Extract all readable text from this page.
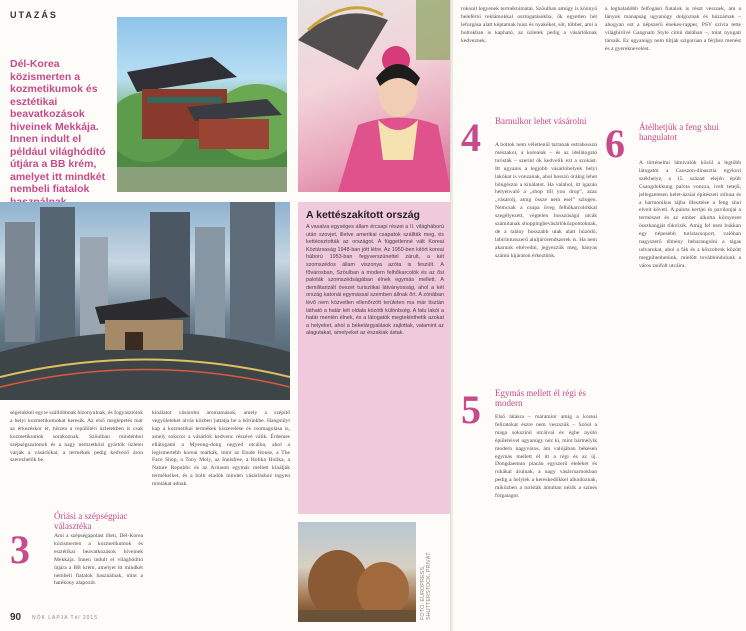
UTAZÁS
Dél-Korea közismerten a kozmetikumok és esztétikai beavatkozások hiveinek Mekkája. Innen indult el például világhódító útjára a BB krém, amelyet itt mindkét nembeli fiatalok
A kettészakított ország

A vasalva egységes állam ércsapi részei a II. világháború után szovjet, illetve amerikai csapatok szállták meg, és kettéosztották az országot. A függetlenné vált Koreai Köztársaság 1948-ban jött létre. Az 1950-ben kitört koreai háború 1953-ban fegyverszünettel zárult, a két szomszédos állam viszonya azóta is feszült. A fővárosban, Szöulban a modern felhőkarcolók és az ősi paloták szomszédságában élnek egymás mellett. A demilitarizált övezet turisztikai látványosság, ahol a két ország katonái egymással szemben állnak őrt. A zónában lévő nem közvetlen ellenőrzött területen ma már tisztán látható a határ két oldala közötti különbség. A falu lakói a határ mentén élnek, és a látogatók megtekinthetik azokat a helyeket, ahol a béketárgyalások zajlottak, valamint az alagutakat, amelyeket az északiak ástak.

FOTÓ: EUROPRESS, SHUTTERSTOCK, PRIVÁT

ségeinkkel egyre szállóbbnak bizonyulnak, és fogyasztóink a helyi kozmetikumokat keresik. Az első meglepetés már az érkezéskor ér, hiszen a repülőtéri üzletekben is csak kozmetikumok sorakoznak. Szöulban mindenhol szépségszalonok és a nagy nemzetközi gyártók üzletei várják a vásárlókat, a termékek pedig kedvező áron szerezhetők be.

3
Óriási a szépségpiac választéka

Ami a szépségápolást illeti, Dél-Korea közismerten a kozmetikumok és esztétikai beavatkozások hiveinek Mekkája. Innen indult el világhódító útjára a BB krém, amelyet itt mindkét nembeli fiatalok használnak, mint a hatékony alapozót.

kínálatot vásárolni aromamások, amely a szépítő vegyületeket alvás közben juttatja be a bőrünkbe. Hangsúlyt kap a kozmetikai termékek kiszerelése és csomagolása is, amely sokszor a vásárlók kedvenc részévé válik. Érdemes ellátogatni a Myeong-dong negyed utcáiba, ahol a legismertebb koreai márkák, mint az Etude House, a The Face Shop, a Tony Moly, az Innisfree, a Holika Holika, a Nature Republic és az Aritaum egymás mellett kínálják termékeiket, és a bolti eladók minden vásárláshoz ingyen mintákat adnak.

90 NŐK LAPJA Tél 2015

rokonít legyenek terméknimátai. Szöulban amúgy is könnyű beleférni reklámokkal osztogatásokba, ők egyetlen hét leforgása alatt képtamak húsz és nyakéket, sőt, többet, ami a boltokban is kapható, az üzletek pedig a vásárlóknak kedveznek.

4 Barnulkor lehet vásárolni

A boltok nem véletlenül tartanak estrahosszú mészakot, a koreaiak – és az idelátogató turisták – szerint ők kedvelik ezt a szokást. Itt ugyanis a legjobb vásárlóhelyek helyi lakókat is vonzanak, ahol hosszú órákig lehet böngészni a kínálatot. Ha valahol, itt igazán helyénvaló a „shop till you drop”, azaz „vásárolj, amíg össze nem esel” szlogen. Nemcsak a csupa üveg felhőkarcolókkal szegélyezett, végtelen hosszúságú utcák számítanak shoppingbevásárlóközpontoknak, de a talány hosszabb utak alatt húzódó, labirintusszerű aluljárórendszerek is. Ha nem akarunk eltévedni, jegyezzük meg, hányas számú kijáraton érkeztünk.

5 Egymás mellett él régi és modern

Első látásra – máramint amíg a koreai feliratokat észre nem veszszük – Szöul a maga sokszínű utcáival és égbe nyúló épületeivel ugyanúgy néz ki, mint bármelyik modern nagyváros, ám valójában békésen egymás mellett él itt a régi és az új. Dongdaemun piacán egyszerű ételeket és ruhákat árulnak, a nagy vásárcsarnokban pedig a helyiek a kereskedőkkel alkudoznak, miközben a turisták ámultan nézik a színes forgatagot.

a leghaladóbb felfogású fiatalok is részt vesznek, ám a lányok manapság ugyanúgy dolgoznak és húzzámak – ahogyan ezt a népszerű énekes-rapper, PSY szívta tette világhírűvé Gangnam Style című dalában –, mint nyugati társaik. Ez ugyanúgy nem tiltják szigorúan a férjhez menést és a gyereknevelést.

6 Átélhetjük a feng shui hangulatot

A történelmi látnivalók közül a legtöbb látogatót a Csoszon-dinasztia egykori székhelye, a 15. század elején épült Csangdokkung palota vonzza, ivelt tetejű, jellegzetesen kelet-ázsiai építészeti stílusa és a harmonikus tájba illesztése a feng shui elveit követi. A palota kertjei és pavilonjai a természet és az ember alkotta környezet összhangját tükrözik. Amíg fel nem bukkan egy népesebb turistacsoport, valóban nagyszerű élmény bebarangolni a tágas udvarokat, ahol a fák és a kőszobrok között megpihenhetünk, mielőtt továbbindulunk a város zsúfolt utcáira.
